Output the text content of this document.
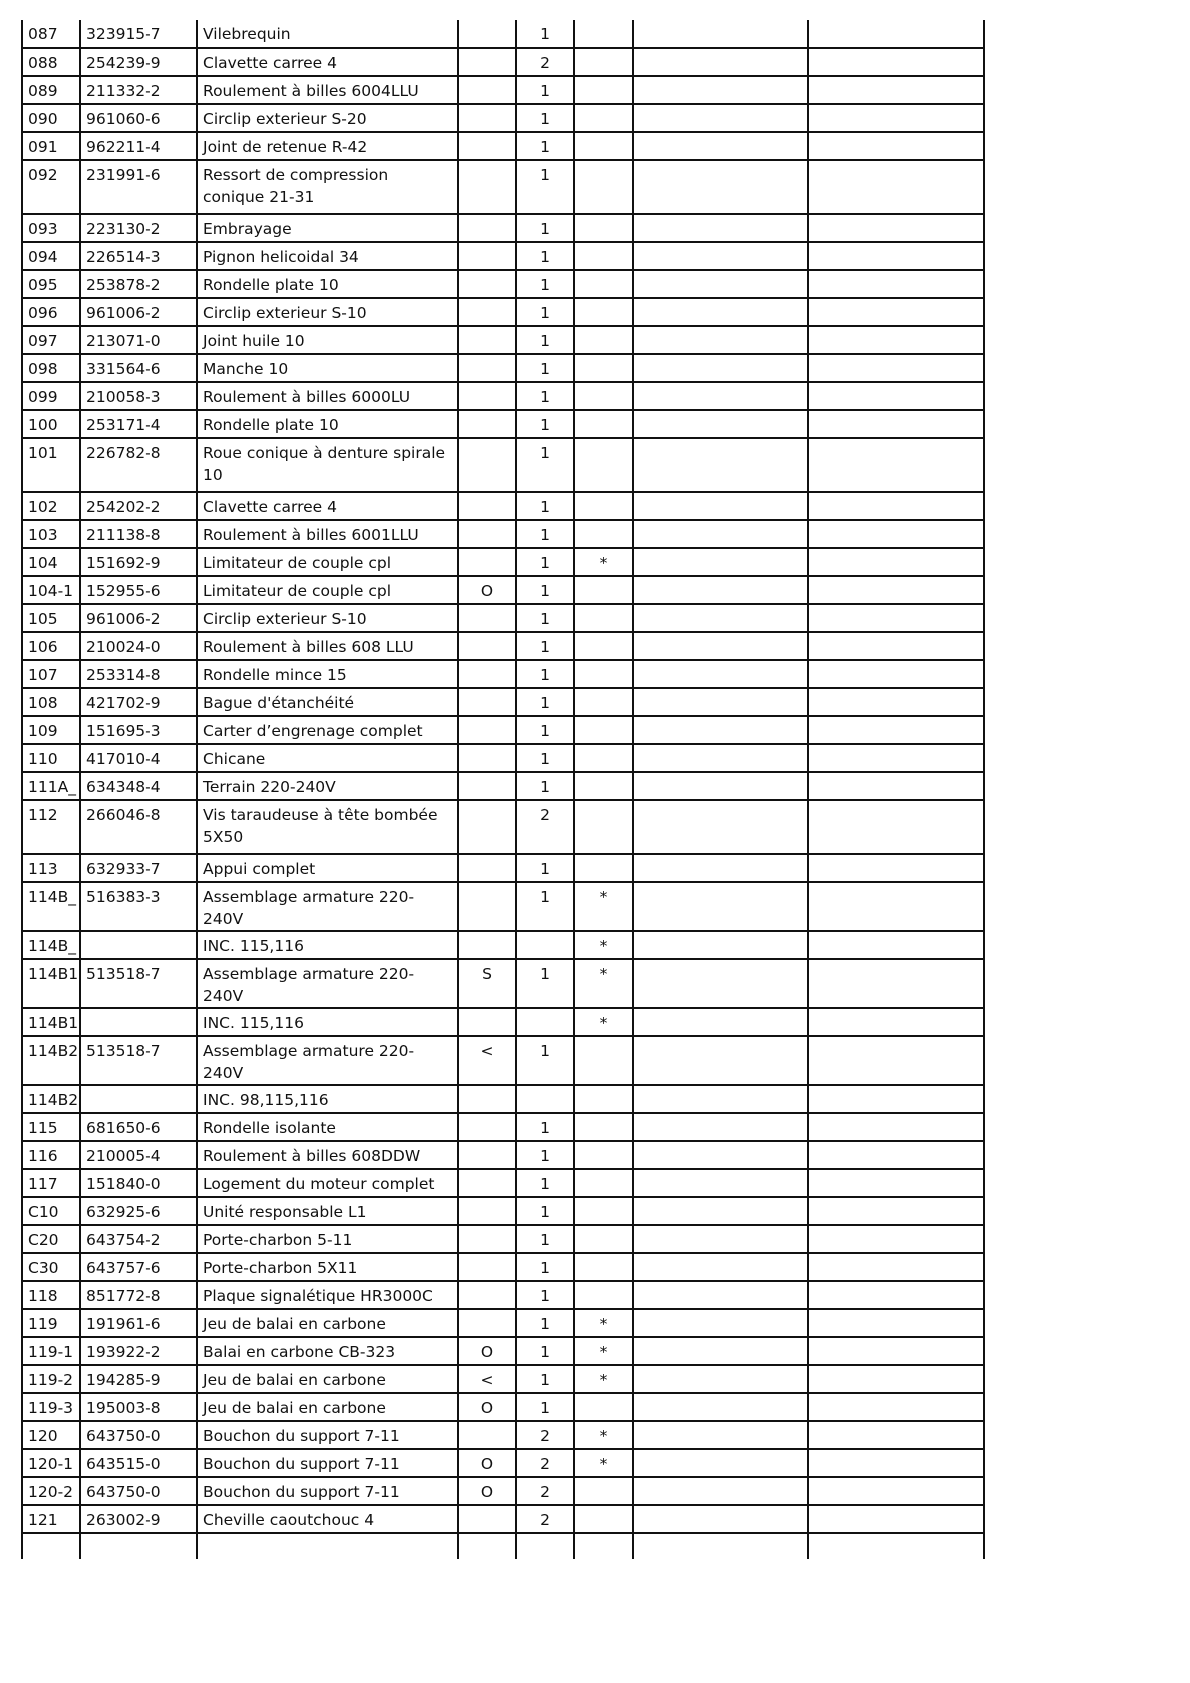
087	323915-7	Vilebrequin		1			
088	254239-9	Clavette carree 4		2			
089	211332-2	Roulement à billes 6004LLU		1			
090	961060-6	Circlip exterieur S-20		1			
091	962211-4	Joint de retenue R-42		1			
092	231991-6	Ressort de compression conique 21-31		1			
093	223130-2	Embrayage		1			
094	226514-3	Pignon helicoidal 34		1			
095	253878-2	Rondelle plate 10		1			
096	961006-2	Circlip exterieur S-10		1			
097	213071-0	Joint huile 10		1			
098	331564-6	Manche 10		1			
099	210058-3	Roulement à billes 6000LU		1			
100	253171-4	Rondelle plate 10		1			
101	226782-8	Roue conique à denture spirale 10		1			
102	254202-2	Clavette carree 4		1			
103	211138-8	Roulement à billes 6001LLU		1			
104	151692-9	Limitateur de couple cpl		1	*		
104-1	152955-6	Limitateur de couple cpl	O	1			
105	961006-2	Circlip exterieur S-10		1			
106	210024-0	Roulement à billes 608 LLU		1			
107	253314-8	Rondelle mince 15		1			
108	421702-9	Bague d'étanchéité		1			
109	151695-3	Carter d’engrenage complet		1			
110	417010-4	Chicane		1			
111A_	634348-4	Terrain 220-240V		1			
112	266046-8	Vis taraudeuse à tête bombée 5X50		2			
113	632933-7	Appui complet		1			
114B_	516383-3	Assemblage armature 220-240V		1	*		
114B_		INC. 115,116			*		
114B1	513518-7	Assemblage armature 220-240V	S	1	*		
114B1		INC. 115,116			*		
114B2	513518-7	Assemblage armature 220-240V	<	1			
114B2		INC. 98,115,116					
115	681650-6	Rondelle isolante		1			
116	210005-4	Roulement à billes 608DDW		1			
117	151840-0	Logement du moteur complet		1			
C10	632925-6	Unité responsable L1		1			
C20	643754-2	Porte-charbon 5-11		1			
C30	643757-6	Porte-charbon 5X11		1			
118	851772-8	Plaque signalétique HR3000C		1			
119	191961-6	Jeu de balai en carbone		1	*		
119-1	193922-2	Balai en carbone CB-323	O	1	*		
119-2	194285-9	Jeu de balai en carbone	<	1	*		
119-3	195003-8	Jeu de balai en carbone	O	1			
120	643750-0	Bouchon du support 7-11		2	*		
120-1	643515-0	Bouchon du support 7-11	O	2	*		
120-2	643750-0	Bouchon du support 7-11	O	2			
121	263002-9	Cheville caoutchouc 4		2			
